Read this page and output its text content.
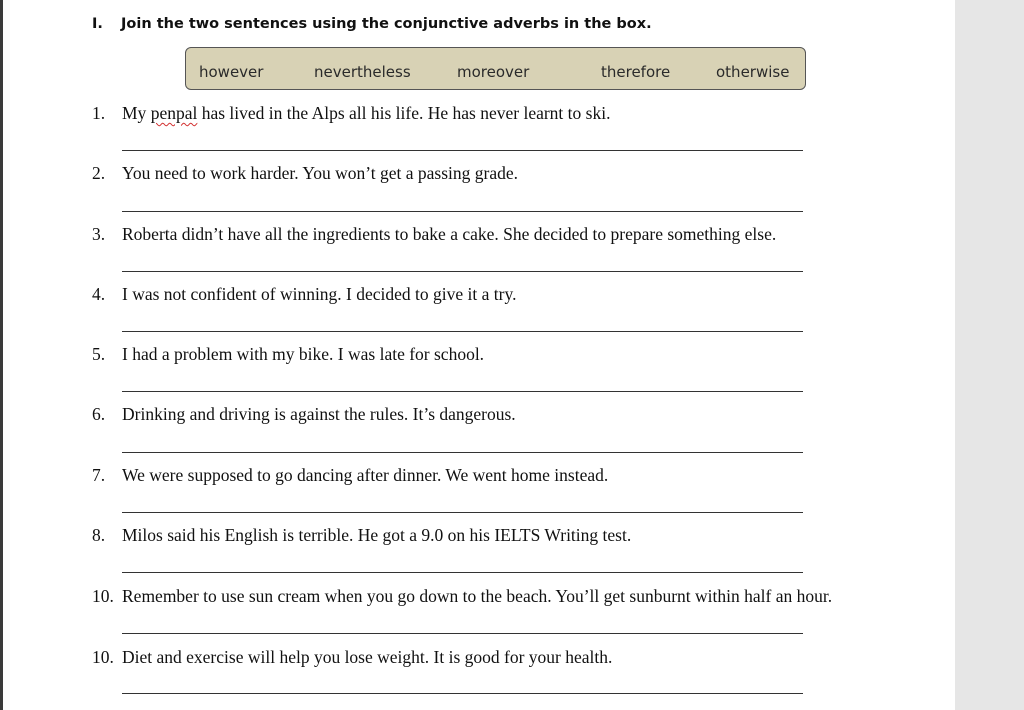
I. Join the two sentences using the conjunctive adverbs in the box.
however	nevertheless	moreover	therefore	otherwise
1. My penpal has lived in the Alps all his life. He has never learnt to ski.
2. You need to work harder. You won’t get a passing grade.
3. Roberta didn’t have all the ingredients to bake a cake. She decided to prepare something else.
4. I was not confident of winning. I decided to give it a try.
5. I had a problem with my bike. I was late for school.
6. Drinking and driving is against the rules. It’s dangerous.
7. We were supposed to go dancing after dinner. We went home instead.
8. Milos said his English is terrible. He got a 9.0 on his IELTS Writing test.
10. Remember to use sun cream when you go down to the beach. You’ll get sunburnt within half an hour.
10. Diet and exercise will help you lose weight. It is good for your health.
